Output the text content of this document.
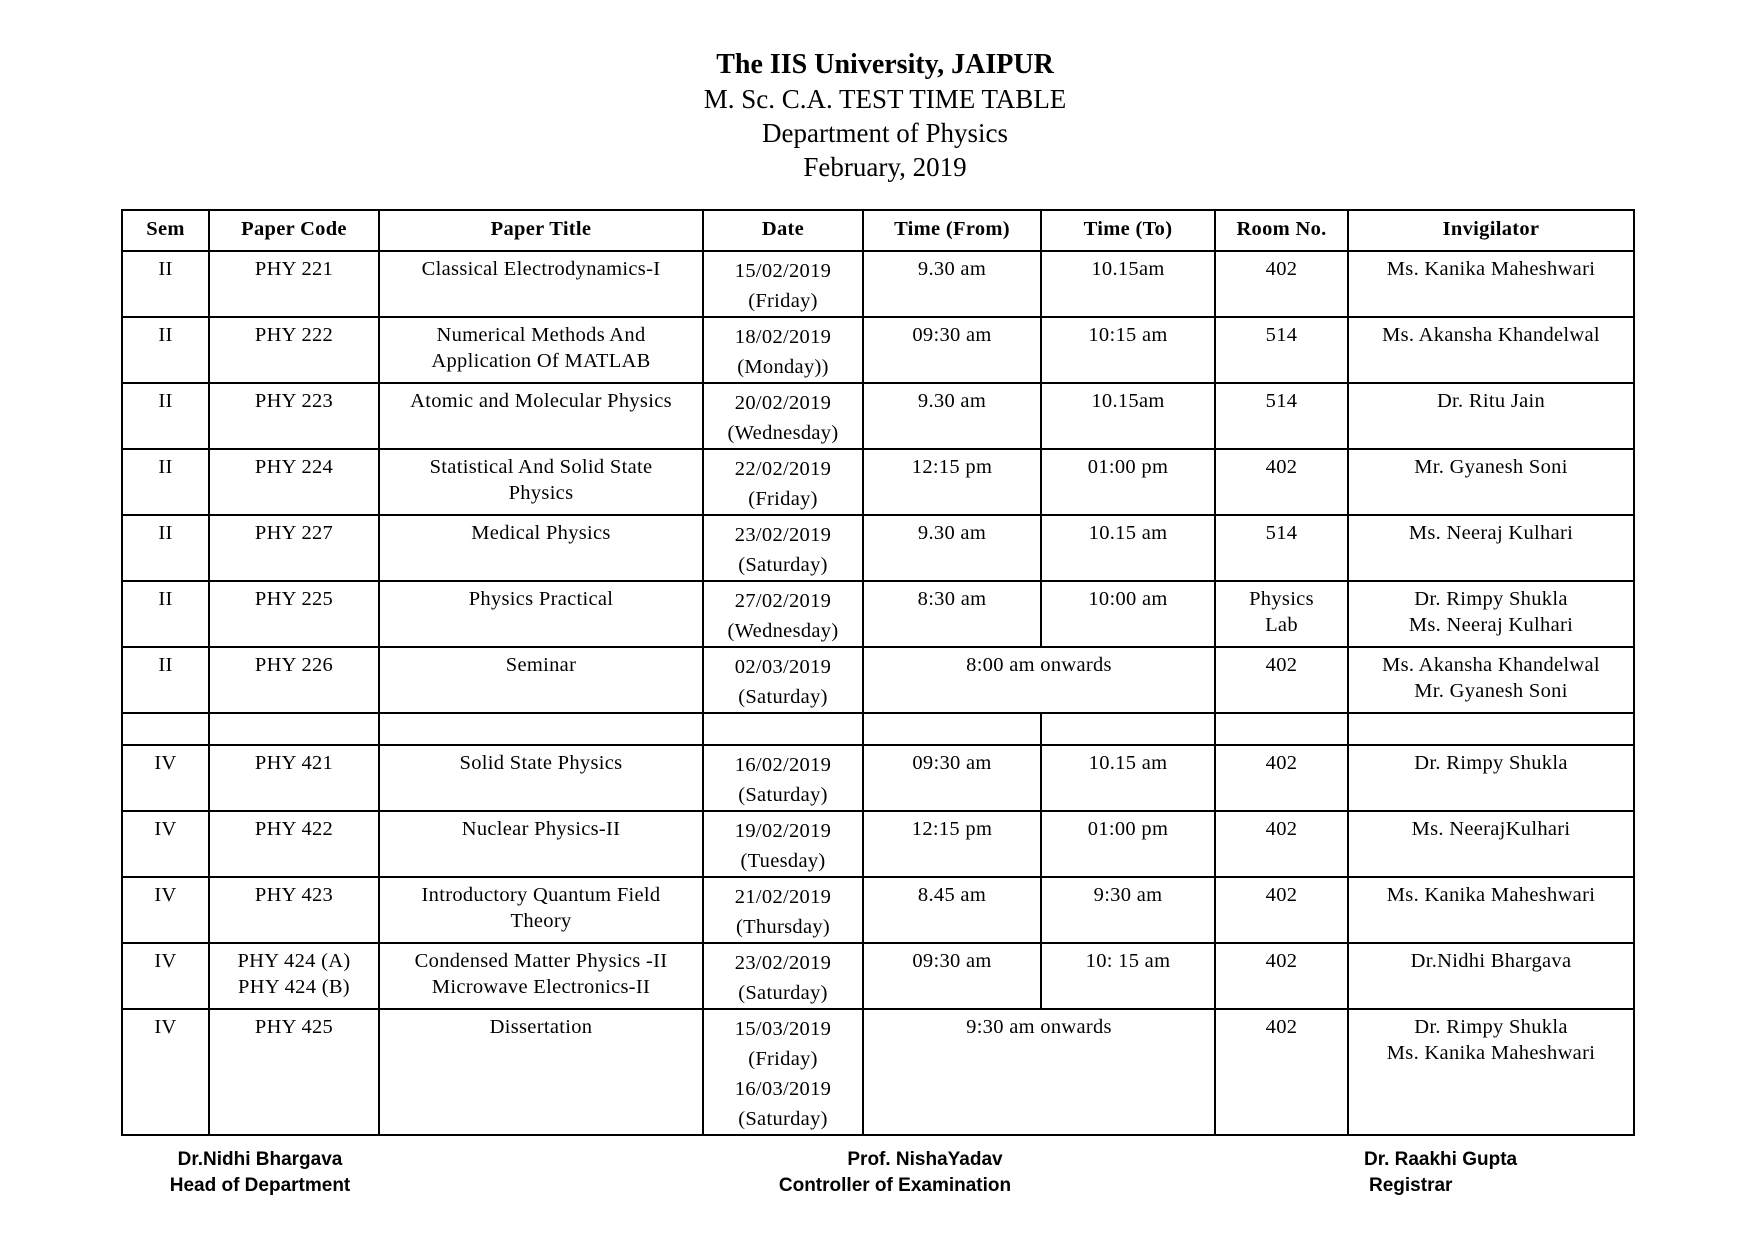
The IIS University, JAIPUR
M. Sc. C.A. TEST TIME TABLE
Department of Physics
February, 2019
Sem	Paper Code	Paper Title	Date	Time (From)	Time (To)	Room No.	Invigilator
II	PHY 221	Classical Electrodynamics-I	15/02/2019
(Friday)	9.30 am	10.15am	402	Ms. Kanika Maheshwari

II	PHY 222	Numerical Methods And
Application Of MATLAB	18/02/2019
(Monday))	09:30 am	10:15 am	514	Ms. Akansha Khandelwal

II	PHY 223	Atomic and Molecular Physics	20/02/2019
(Wednesday)	9.30 am	10.15am	514	Dr. Ritu Jain

II	PHY 224	Statistical And Solid State
Physics	22/02/2019
(Friday)	12:15 pm	01:00 pm	402	Mr. Gyanesh Soni

II	PHY 227	Medical Physics	23/02/2019
(Saturday)	9.30 am	10.15 am	514	Ms. Neeraj Kulhari

II	PHY 225	Physics Practical	27/02/2019
(Wednesday)	8:30 am	10:00 am	Physics
Lab	Dr. Rimpy Shukla
Ms. Neeraj Kulhari

II	PHY 226	Seminar	02/03/2019
(Saturday)	8:00 am onwards		402	Ms. Akansha Khandelwal
Mr. Gyanesh Soni

IV	PHY 421	Solid State Physics	16/02/2019
(Saturday)	09:30 am	10.15 am	402	Dr. Rimpy Shukla

IV	PHY 422	Nuclear Physics-II	19/02/2019
(Tuesday)	12:15 pm	01:00 pm	402	Ms. NeerajKulhari

IV	PHY 423	Introductory Quantum Field
Theory	21/02/2019
(Thursday)	8.45 am	9:30 am	402	Ms. Kanika Maheshwari

IV	PHY 424 (A)
PHY 424 (B)	Condensed Matter Physics -II
Microwave Electronics-II	23/02/2019
(Saturday)	09:30 am	10: 15 am	402	Dr.Nidhi Bhargava

IV	PHY 425	Dissertation	15/03/2019
(Friday)
16/03/2019
(Saturday)	9:30 am onwards		402	Dr. Rimpy Shukla
Ms. Kanika Maheshwari
Dr.Nidhi Bhargava
Head of Department
Prof. NishaYadav
Controller of Examination
Dr. Raakhi Gupta
Registrar
